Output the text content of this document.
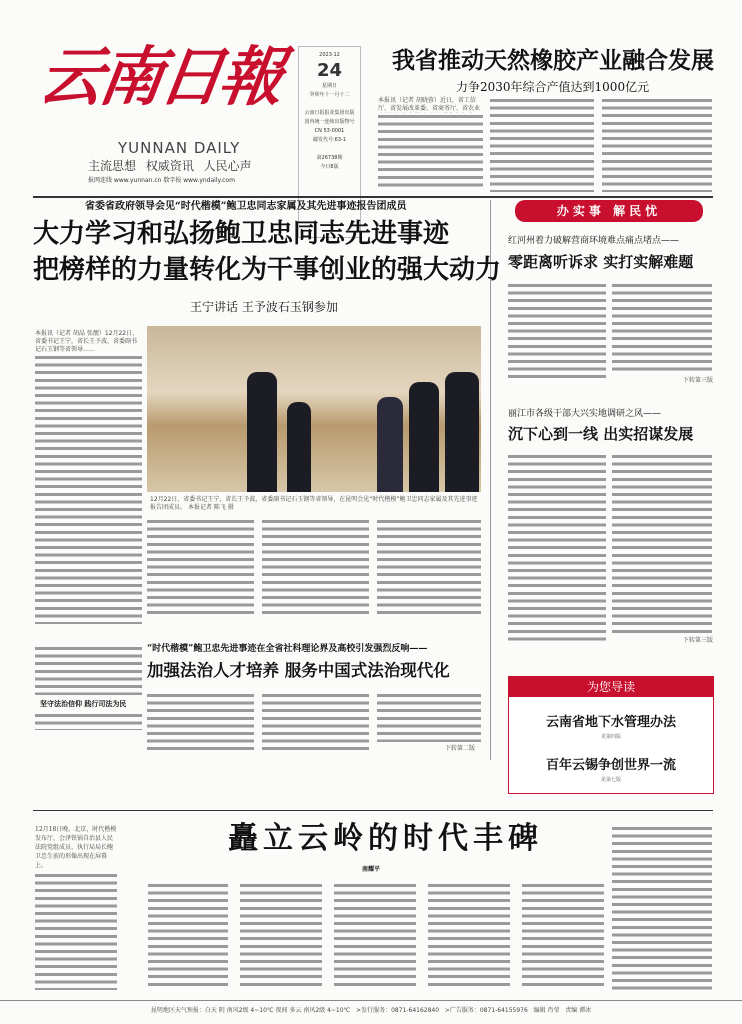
云南日報
YUNNAN DAILY
主流思想 权威资讯 人民心声
报网连线 www.yunnan.cn 数字报 www.yndaily.com
2023·12
24
星期日
癸卯年十一月十二

云南日报报业集团出版
国内统一连续出版物号
CN 53-0001
邮发代号:63-1

第26738期
今日8版
我省推动天然橡胶产业融合发展
力争2030年综合产值达到1000亿元
本报讯（记者 胡晓蓉）近日，省工信厅、省发展改革委、省商务厅、省农业
省委省政府领导会见“时代楷模”鲍卫忠同志家属及其先进事迹报告团成员
大力学习和弘扬鲍卫忠同志先进事迹
把榜样的力量转化为干事创业的强大动力
王宁讲话 王予波石玉钢参加
本报讯（记者 胡晶 张靓）12月22日，省委书记王宁，省长王予波，省委副书记石玉钢等省领导……
12月22日，省委书记王宁，省长王予波，省委副书记石玉钢等省领导，在昆明会见“时代楷模”鲍卫忠同志家属及其先进事迹报告团成员。 本报记者 陈飞 摄
“时代楷模”鲍卫忠先进事迹在全省社科理论界及高校引发强烈反响——
加强法治人才培养 服务中国式法治现代化
坚守法治信仰 践行司法为民
下转第二版
办实事 解民忧
红河州着力破解营商环境难点痛点堵点——
零距离听诉求 实打实解难题
下转第三版
丽江市各级干部大兴实地调研之风——
沉下心到一线 出实招谋发展
下转第三版
为您导读
云南省地下水管理办法
见第四版
百年云锡争创世界一流
见第七版
矗立云岭的时代丰碑
南耀平
12月18日晚，北京，时代楷模发布厅，会泽铁锅自治县人民法院党组成员、执行局局长鲍卫忠生前的形像出现在屏幕上。
昆明地区天气预报：白天 阴 南风2级 4~10℃ 夜间 多云 南风2级 4~10℃ >发行服务：0871-64162840 >广告服务：0871-64155976 编辑 肖莹 责编 谭冰
